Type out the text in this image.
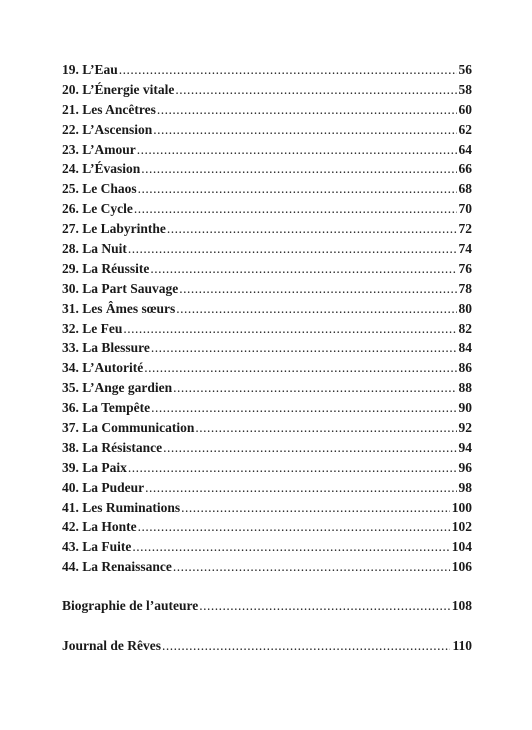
19. L’Eau .....	56
20. L’Énergie vitale .....	58
21. Les Ancêtres .....	60
22. L’Ascension .....	62
23. L’Amour .....	64
24. L’Évasion .....	66
25. Le Chaos .....	68
26. Le Cycle .....	70
27. Le Labyrinthe .....	72
28. La Nuit .....	74
29. La Réussite .....	76
30. La Part Sauvage .....	78
31. Les Âmes sœurs .....	80
32. Le Feu .....	82
33. La Blessure .....	84
34. L’Autorité .....	86
35. L’Ange gardien .....	88
36. La Tempête .....	90
37. La Communication .....	92
38. La Résistance .....	94
39. La Paix .....	96
40. La Pudeur .....	98
41. Les Ruminations .....	100
42. La Honte .....	102
43. La Fuite .....	104
44. La Renaissance .....	106
Biographie de l’auteure .....	108
Journal de Rêves .....	110
